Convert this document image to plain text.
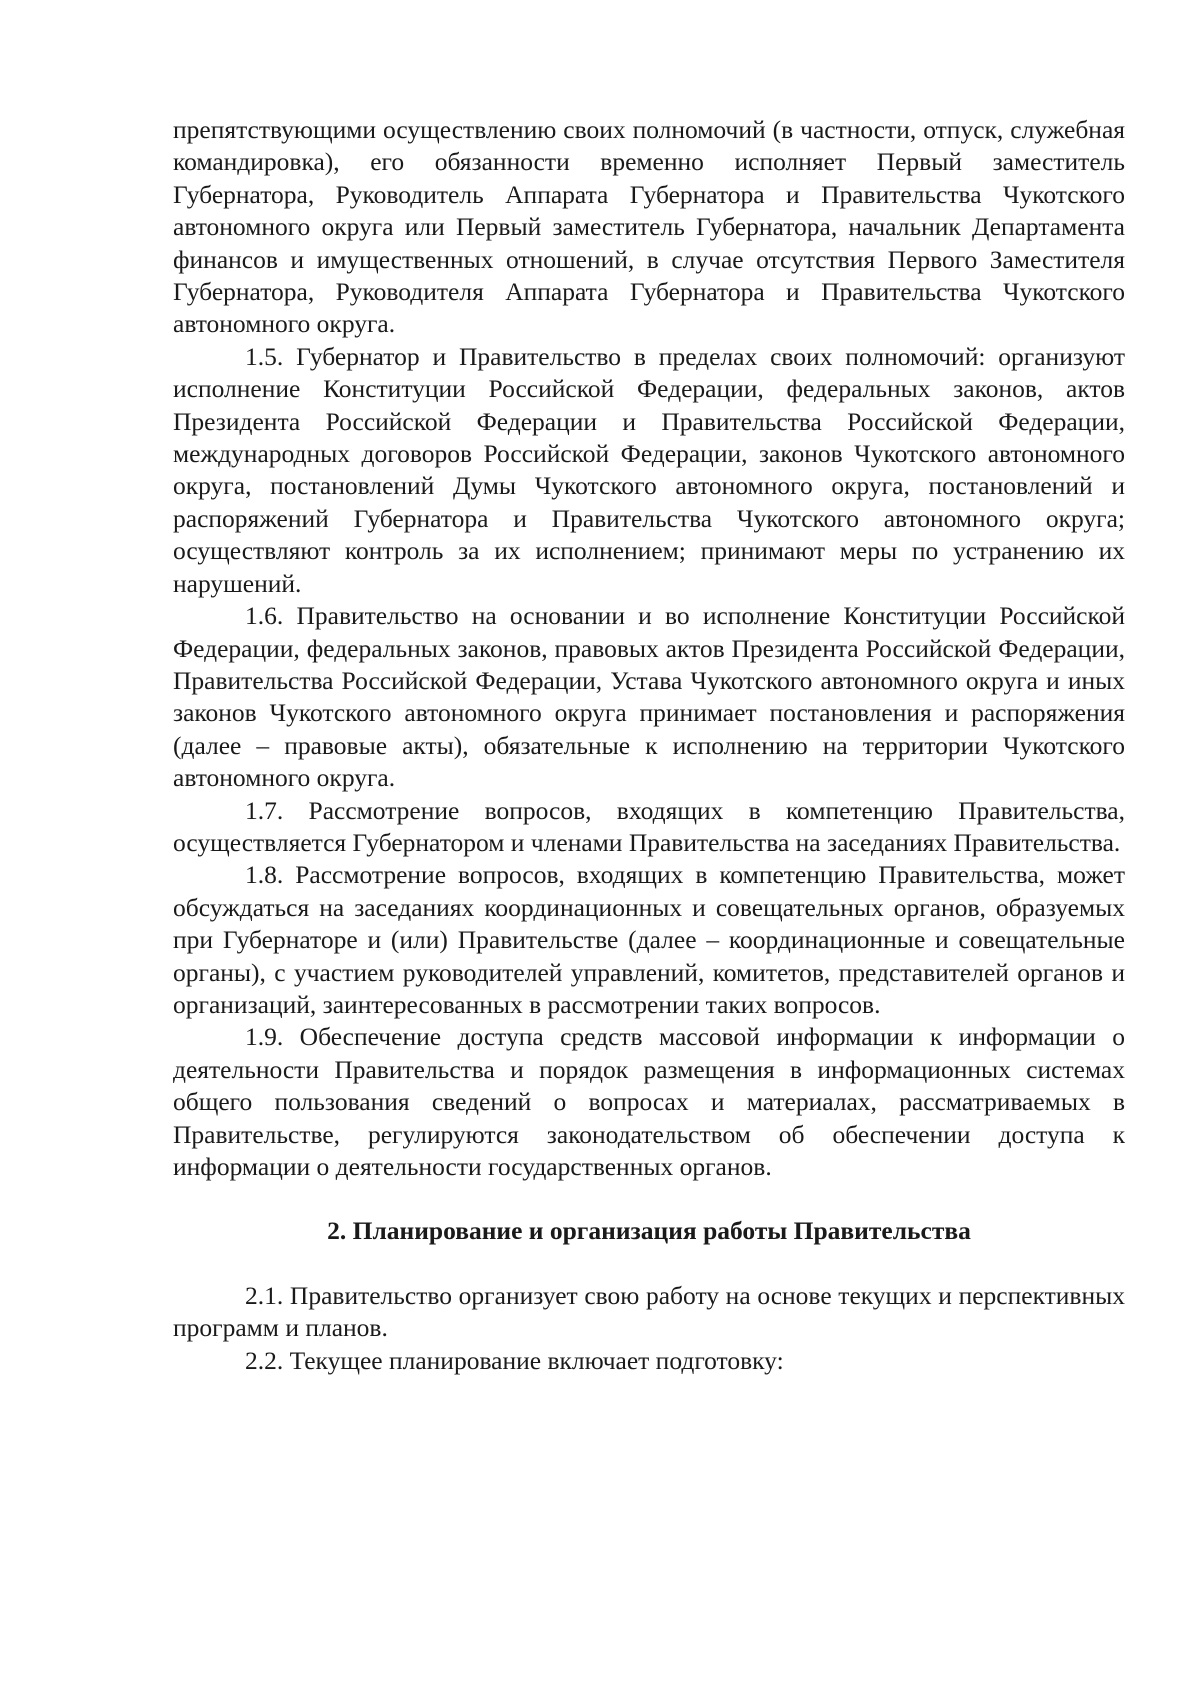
препятствующими осуществлению своих полномочий (в частности, отпуск, служебная командировка), его обязанности временно исполняет Первый заместитель Губернатора, Руководитель Аппарата Губернатора и Правительства Чукотского автономного округа или Первый заместитель Губернатора, начальник Департамента финансов и имущественных отношений, в случае отсутствия Первого Заместителя Губернатора, Руководителя Аппарата Губернатора и Правительства Чукотского автономного округа.

1.5. Губернатор и Правительство в пределах своих полномочий: организуют исполнение Конституции Российской Федерации, федеральных законов, актов Президента Российской Федерации и Правительства Российской Федерации, международных договоров Российской Федерации, законов Чукотского автономного округа, постановлений Думы Чукотского автономного округа, постановлений и распоряжений Губернатора и Правительства Чукотского автономного округа; осуществляют контроль за их исполнением; принимают меры по устранению их нарушений.

1.6. Правительство на основании и во исполнение Конституции Российской Федерации, федеральных законов, правовых актов Президента Российской Федерации, Правительства Российской Федерации, Устава Чукотского автономного округа и иных законов Чукотского автономного округа принимает постановления и распоряжения (далее – правовые акты), обязательные к исполнению на территории Чукотского автономного округа.

1.7. Рассмотрение вопросов, входящих в компетенцию Правительства, осуществляется Губернатором и членами Правительства на заседаниях Правительства.

1.8. Рассмотрение вопросов, входящих в компетенцию Правительства, может обсуждаться на заседаниях координационных и совещательных органов, образуемых при Губернаторе и (или) Правительстве (далее – координационные и совещательные органы), с участием руководителей управлений, комитетов, представителей органов и организаций, заинтересованных в рассмотрении таких вопросов.

1.9. Обеспечение доступа средств массовой информации к информации о деятельности Правительства и порядок размещения в информационных системах общего пользования сведений о вопросах и материалах, рассматриваемых в Правительстве, регулируются законодательством об обеспечении доступа к информации о деятельности государственных органов.

2. Планирование и организация работы Правительства

2.1. Правительство организует свою работу на основе текущих и перспективных программ и планов.

2.2. Текущее планирование включает подготовку:
